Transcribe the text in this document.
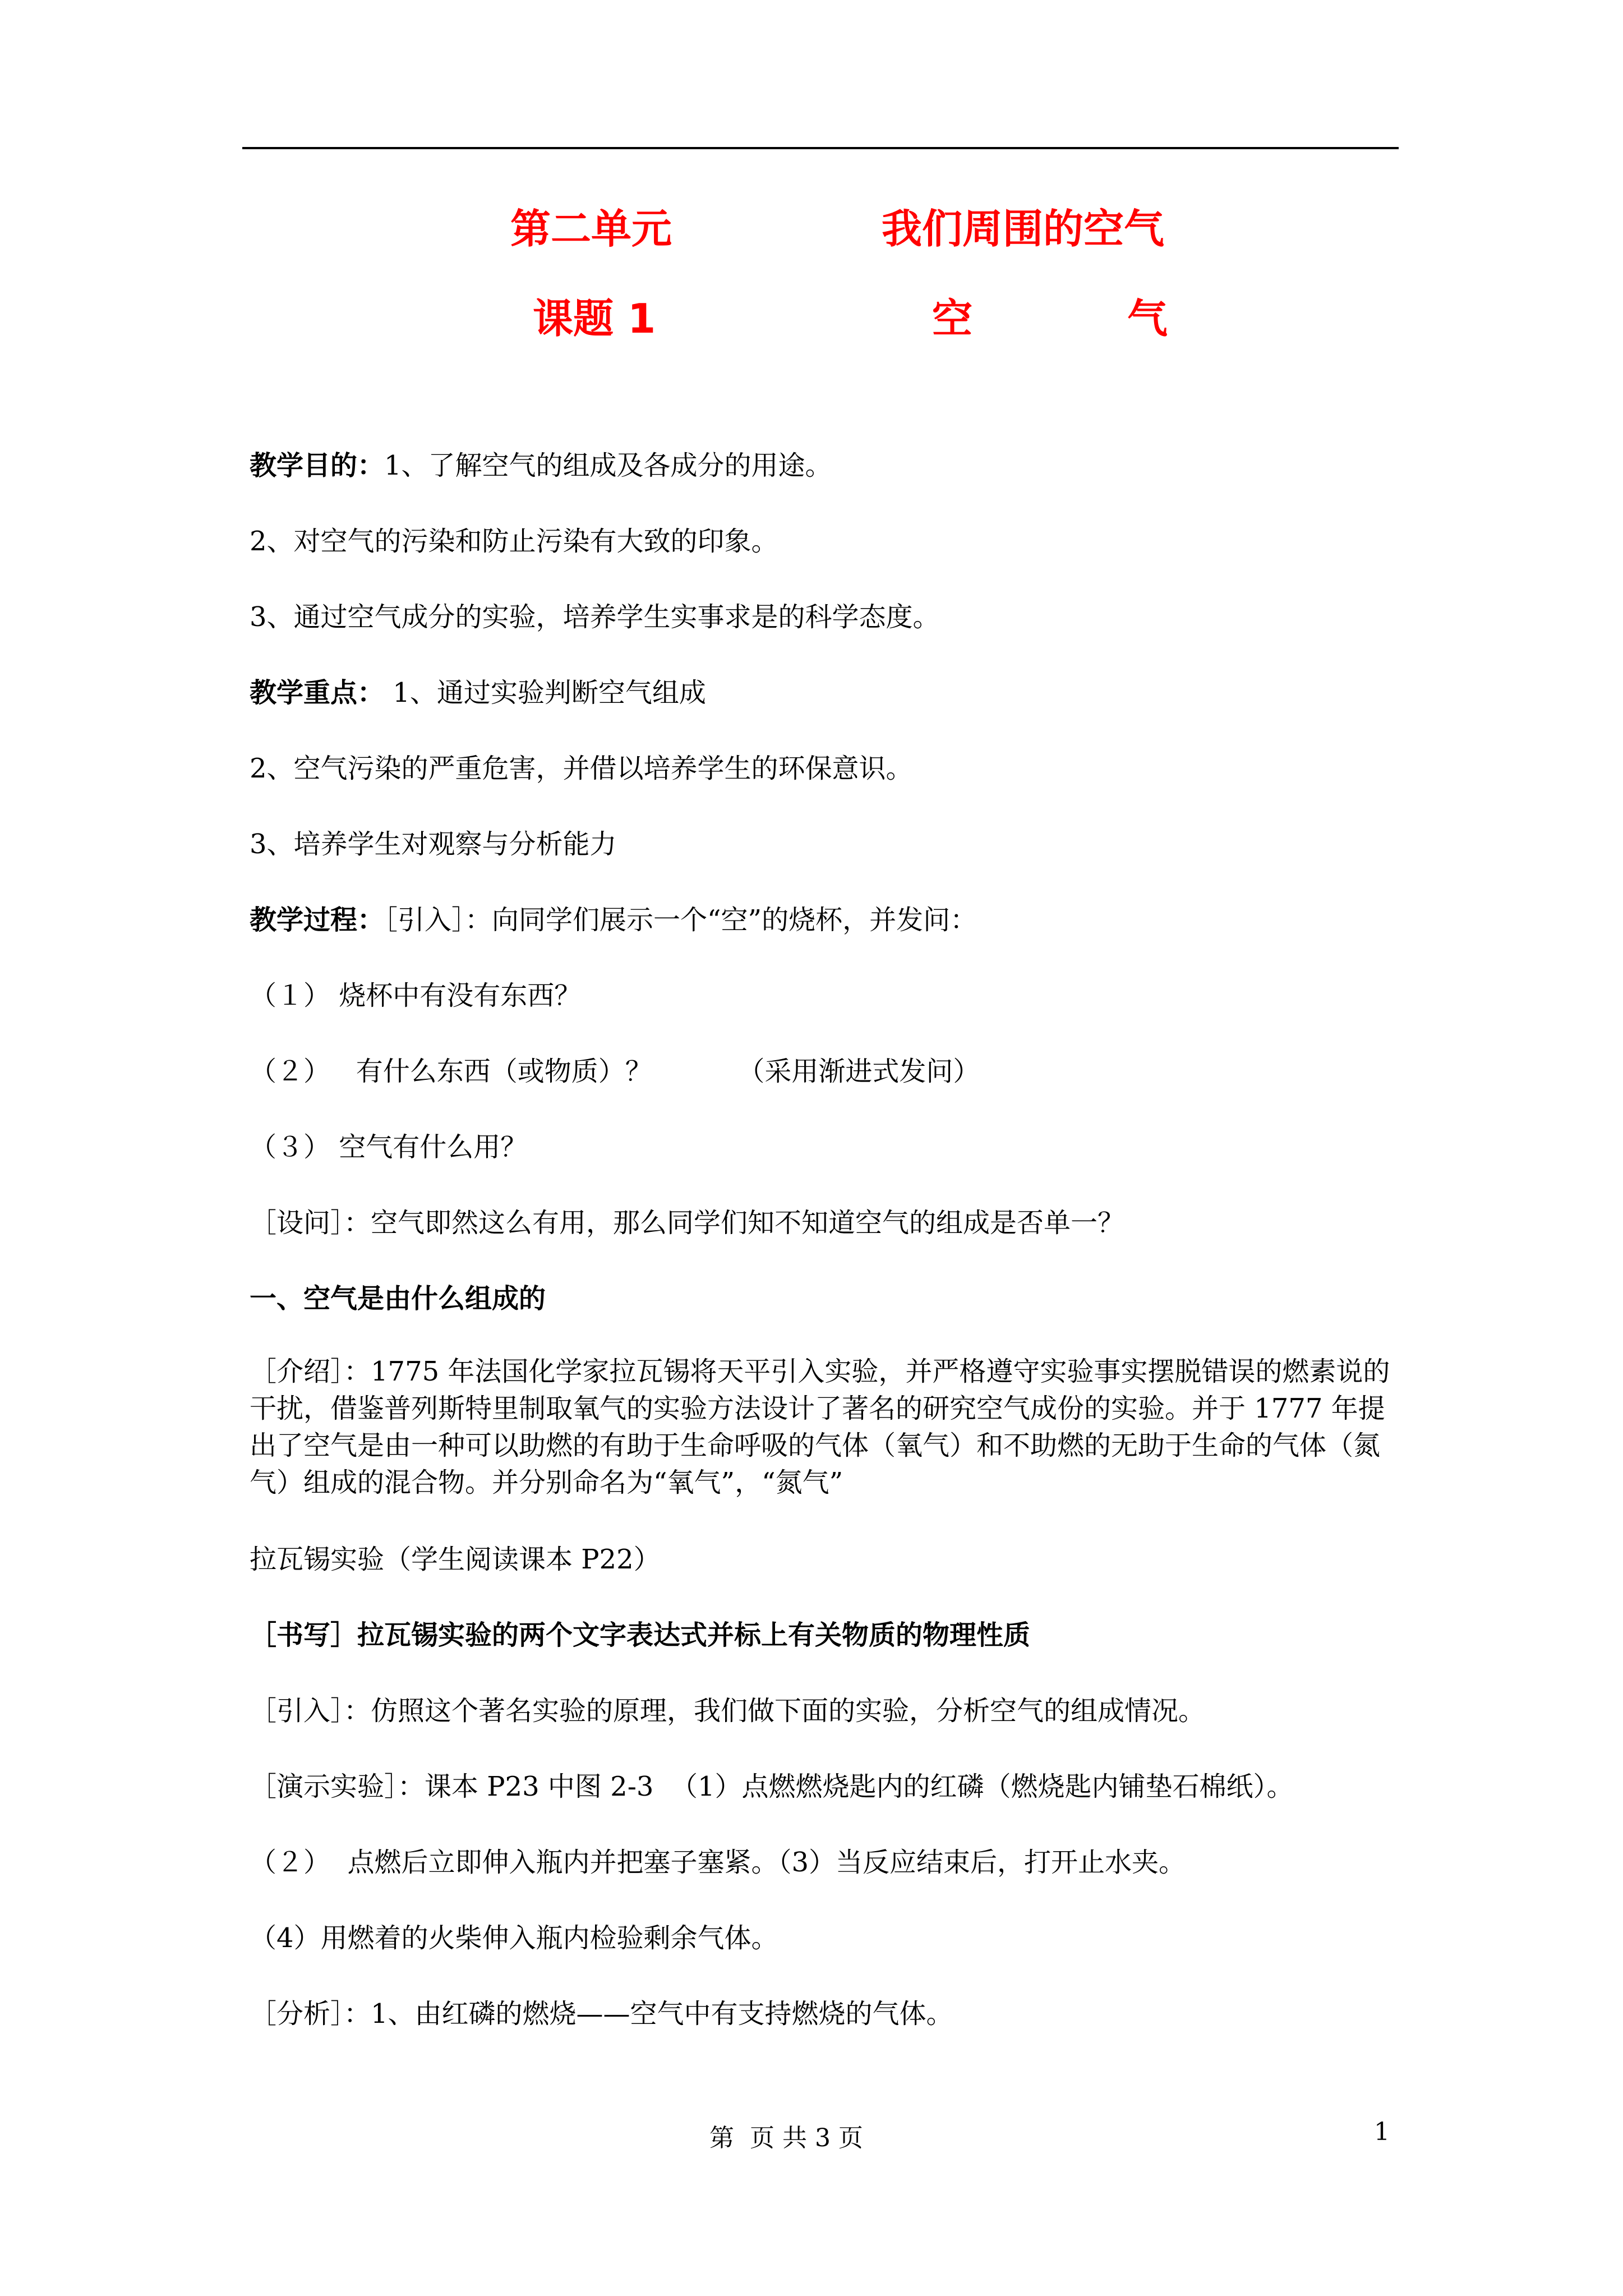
第二单元	我们周围的空气
课题 1	空	气
教学目的：1、了解空气的组成及各成分的用途。
2、对空气的污染和防止污染有大致的印象。
3、通过空气成分的实验，培养学生实事求是的科学态度。
教学重点： 1、通过实验判断空气组成
2、空气污染的严重危害，并借以培养学生的环保意识。
3、培养学生对观察与分析能力
教学过程：［引入］：向同学们展示一个“空”的烧杯，并发问：
（１） 烧杯中有没有东西？
（２）   有什么东西（或物质）？          （采用渐进式发问）
（３） 空气有什么用？
［设问］：空气即然这么有用，那么同学们知不知道空气的组成是否单一？
一、空气是由什么组成的
［介绍］：1775 年法国化学家拉瓦锡将天平引入实验，并严格遵守实验事实摆脱错误的燃素说的干扰，借鉴普列斯特里制取氧气的实验方法设计了著名的研究空气成份的实验。并于 1777 年提出了空气是由一种可以助燃的有助于生命呼吸的气体（氧气）和不助燃的无助于生命的气体（氮气）组成的混合物。并分别命名为“氧气”，“氮气”
拉瓦锡实验（学生阅读课本 P22）
［书写］拉瓦锡实验的两个文字表达式并标上有关物质的物理性质
［引入］：仿照这个著名实验的原理，我们做下面的实验，分析空气的组成情况。
［演示实验］：课本 P23 中图 2-3  （1）点燃燃烧匙内的红磷（燃烧匙内铺垫石棉纸）。
（２）  点燃后立即伸入瓶内并把塞子塞紧。（3）当反应结束后，打开止水夹。
（4）用燃着的火柴伸入瓶内检验剩余气体。
［分析］：1、由红磷的燃烧——空气中有支持燃烧的气体。
第  页 共 3 页	1
